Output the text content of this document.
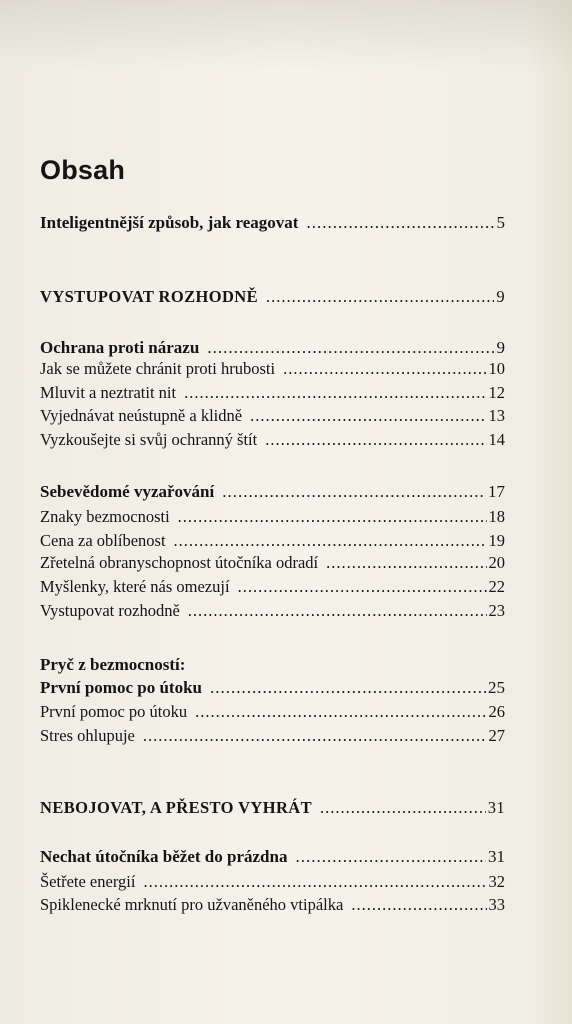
Obsah
Inteligentnější způsob, jak reagovat .....	5
VYSTUPOVAT ROZHODNĚ .....	9
Ochrana proti nárazu .....	9
Jak se můžete chránit proti hrubosti .....	10
Mluvit a neztratit nit .....	12
Vyjednávat neústupně a klidně .....	13
Vyzkoušejte si svůj ochranný štít .....	14
Sebevědomé vyzařování .....	17
Znaky bezmocnosti .....	18
Cena za oblíbenost .....	19
Zřetelná obranyschopnost útočníka odradí .....	20
Myšlenky, které nás omezují .....	22
Vystupovat rozhodně .....	23
Pryč z bezmocností:
První pomoc po útoku .....	25
První pomoc po útoku .....	26
Stres ohlupuje .....	27
NEBOJOVAT, A PŘESTO VYHRÁT .....	31
Nechat útočníka běžet do prázdna .....	31
Šetřete energií .....	32
Spiklenecké mrknutí pro užvaněného vtipálka .....	33
